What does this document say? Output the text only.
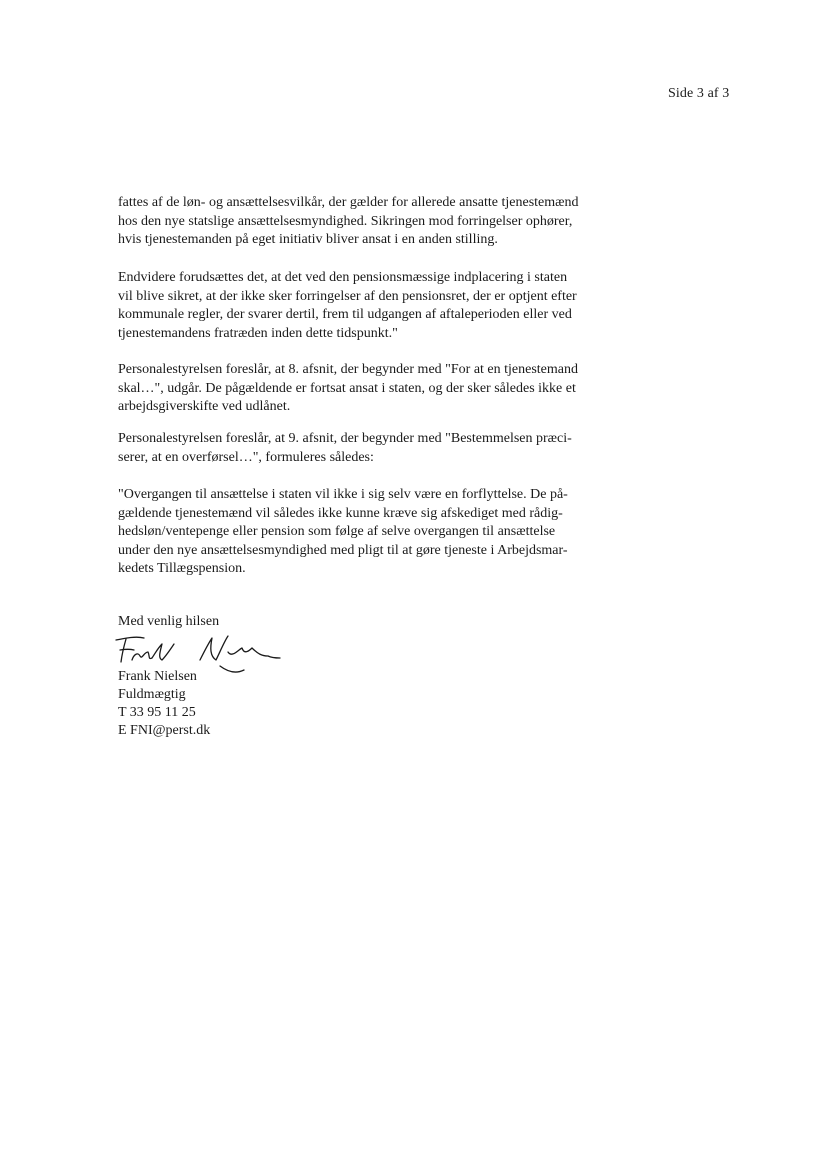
Side 3 af 3

fattes af de løn- og ansættelsesvilkår, der gælder for allerede ansatte tjenestemænd

hos den nye statslige ansættelsesmyndighed. Sikringen mod forringelser ophører,

hvis tjenestemanden på eget initiativ bliver ansat i en anden stilling.

Endvidere forudsættes det, at det ved den pensionsmæssige indplacering i staten

vil blive sikret, at der ikke sker forringelser af den pensionsret, der er optjent efter

kommunale regler, der svarer dertil, frem til udgangen af aftaleperioden eller ved

tjenestemandens fratræden inden dette tidspunkt."

Personalestyrelsen foreslår, at 8. afsnit, der begynder med "For at en tjenestemand

skal…", udgår. De pågældende er fortsat ansat i staten, og der sker således ikke et

arbejdsgiverskifte ved udlånet.

Personalestyrelsen foreslår, at 9. afsnit, der begynder med "Bestemmelsen præci-

serer, at en overførsel…", formuleres således:

"Overgangen til ansættelse i staten vil ikke i sig selv være en forflyttelse. De på-

gældende tjenestemænd vil således ikke kunne kræve sig afskediget med rådig-

hedsløn/ventepenge eller pension som følge af selve overgangen til ansættelse

under den nye ansættelsesmyndighed med pligt til at gøre tjeneste i Arbejdsmar-

kedets Tillægspension.

Med venlig hilsen
Frank Nielsen
Fuldmægtig
T 33 95 11 25
E FNI@perst.dk
